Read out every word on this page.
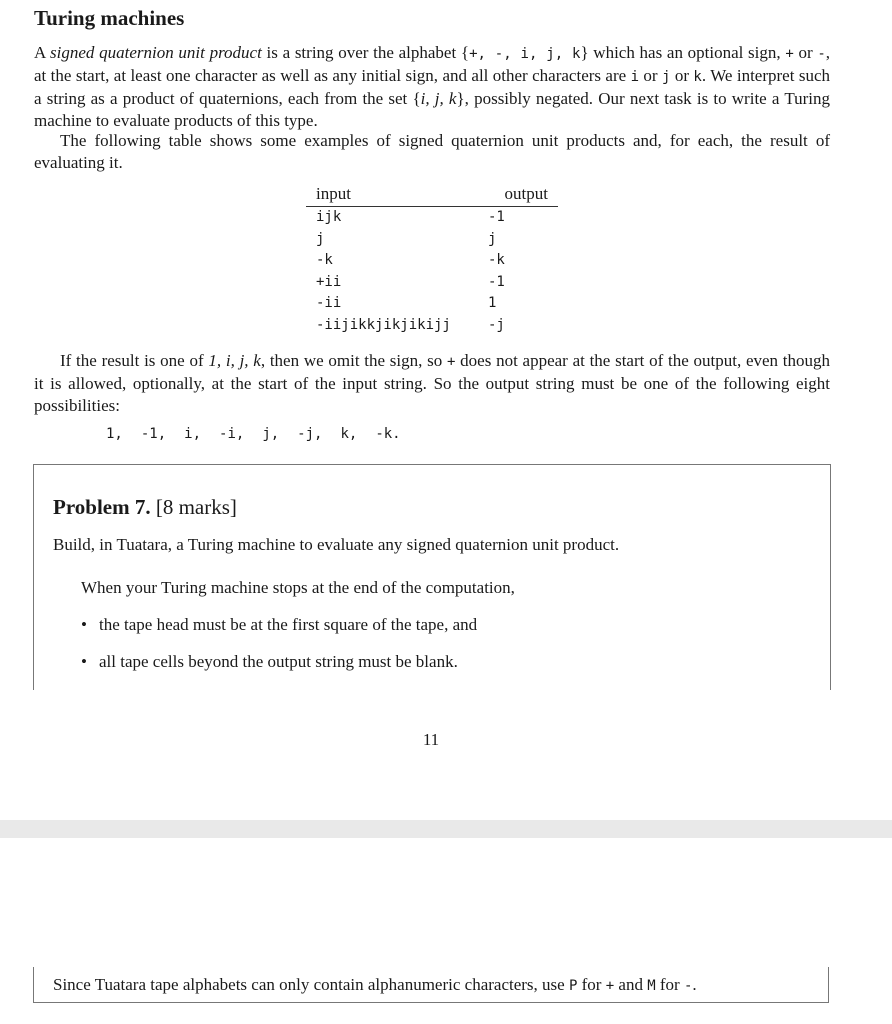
Turing machines
A signed quaternion unit product is a string over the alphabet {+, -, i, j, k} which has an optional sign, + or -, at the start, at least one character as well as any initial sign, and all other characters are i or j or k. We interpret such a string as a product of quaternions, each from the set {i, j, k}, possibly negated. Our next task is to write a Turing machine to evaluate products of this type.
The following table shows some examples of signed quaternion unit products and, for each, the result of evaluating it.
input	output
ijk	-1
j	j
-k	-k
+ii	-1
-ii	1
-iijikkjikjikijj	-j
If the result is one of 1, i, j, k, then we omit the sign, so + does not appear at the start of the output, even though it is allowed, optionally, at the start of the input string. So the output string must be one of the following eight possibilities:
1, -1, i, -i, j, -j, k, -k.
Problem 7. [8 marks]
Build, in Tuatara, a Turing machine to evaluate any signed quaternion unit product.
When your Turing machine stops at the end of the computation,
• the tape head must be at the first square of the tape, and
• all tape cells beyond the output string must be blank.
11
Since Tuatara tape alphabets can only contain alphanumeric characters, use P for + and M for -.
